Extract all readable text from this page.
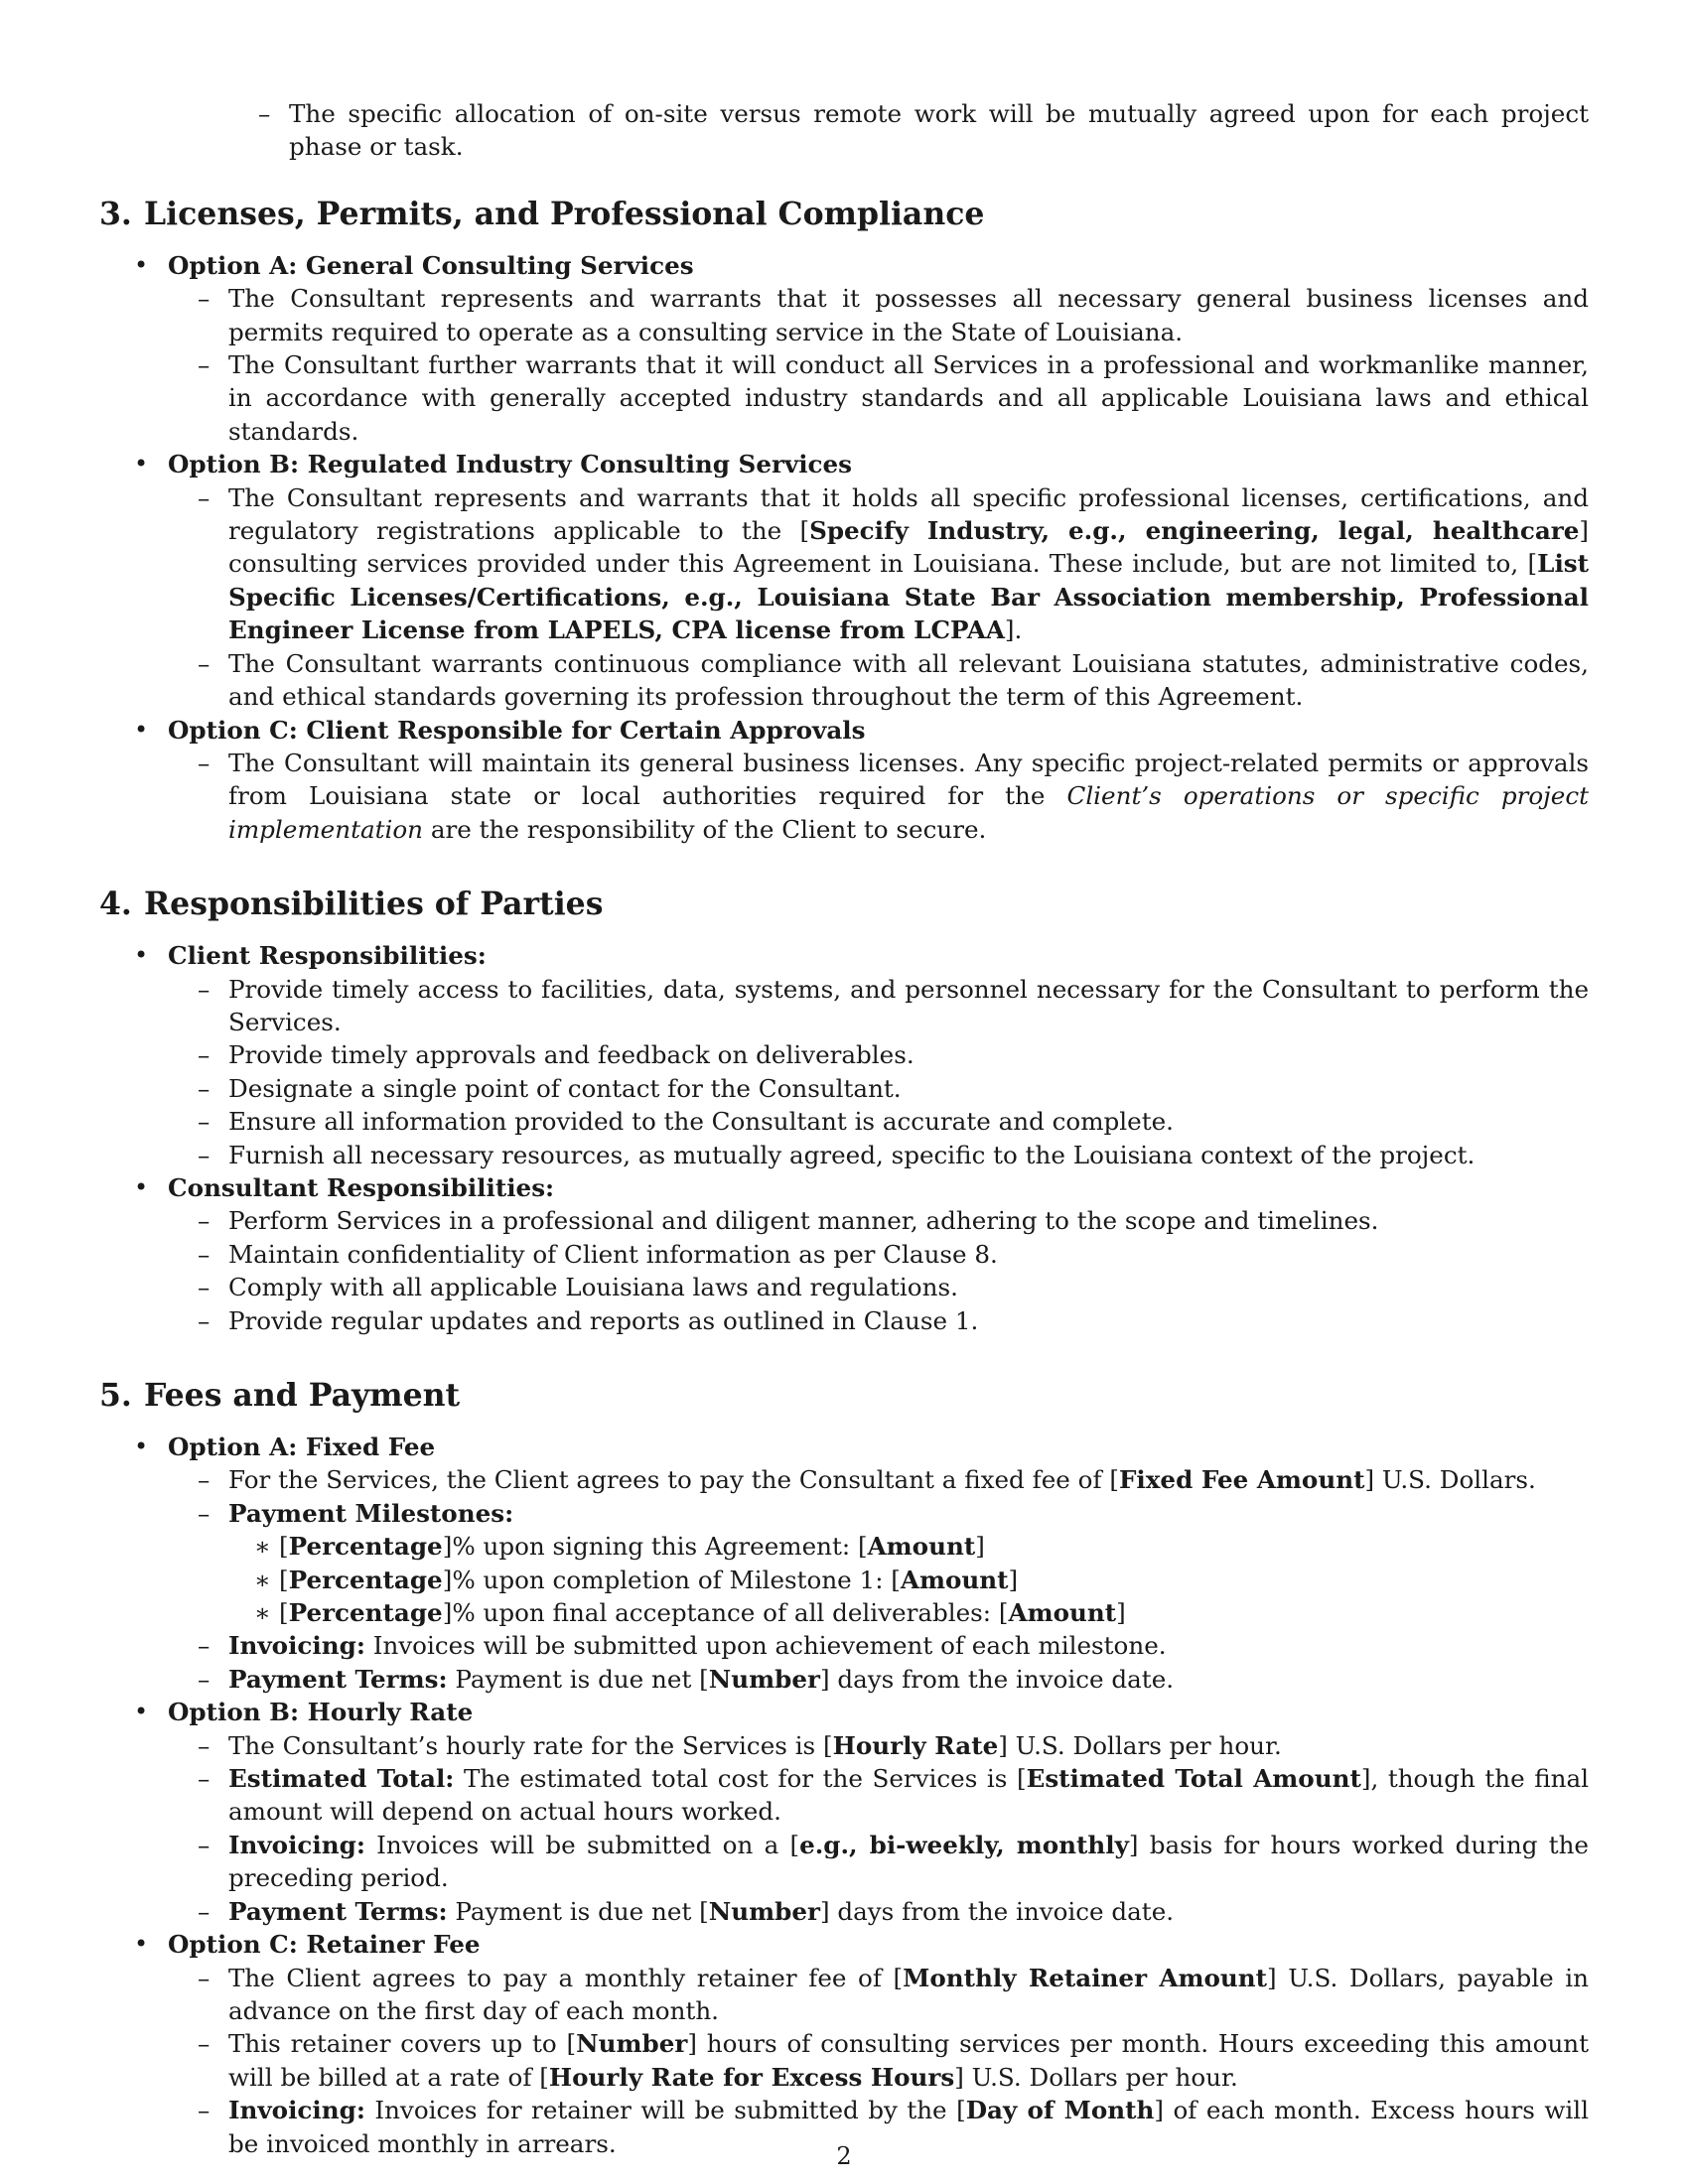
– The specific allocation of on-site versus remote work will be mutually agreed upon for each project phase or task.
3. Licenses, Permits, and Professional Compliance
• Option A: General Consulting Services
– The Consultant represents and warrants that it possesses all necessary general business licenses and permits required to operate as a consulting service in the State of Louisiana.
– The Consultant further warrants that it will conduct all Services in a professional and workmanlike manner, in accordance with generally accepted industry standards and all applicable Louisiana laws and ethical standards.
• Option B: Regulated Industry Consulting Services
– The Consultant represents and warrants that it holds all specific professional licenses, certifications, and regulatory registrations applicable to the [Specify Industry, e.g., engineering, legal, healthcare] consulting services provided under this Agreement in Louisiana. These include, but are not limited to, [List Specific Licenses/Certifications, e.g., Louisiana State Bar Association membership, Professional Engineer License from LAPELS, CPA license from LCPAA].
– The Consultant warrants continuous compliance with all relevant Louisiana statutes, administrative codes, and ethical standards governing its profession throughout the term of this Agreement.
• Option C: Client Responsible for Certain Approvals
– The Consultant will maintain its general business licenses. Any specific project-related permits or approvals from Louisiana state or local authorities required for the Client’s operations or specific project implementation are the responsibility of the Client to secure.
4. Responsibilities of Parties
• Client Responsibilities:
– Provide timely access to facilities, data, systems, and personnel necessary for the Consultant to perform the Services.
– Provide timely approvals and feedback on deliverables.
– Designate a single point of contact for the Consultant.
– Ensure all information provided to the Consultant is accurate and complete.
– Furnish all necessary resources, as mutually agreed, specific to the Louisiana context of the project.
• Consultant Responsibilities:
– Perform Services in a professional and diligent manner, adhering to the scope and timelines.
– Maintain confidentiality of Client information as per Clause 8.
– Comply with all applicable Louisiana laws and regulations.
– Provide regular updates and reports as outlined in Clause 1.
5. Fees and Payment
• Option A: Fixed Fee
– For the Services, the Client agrees to pay the Consultant a fixed fee of [Fixed Fee Amount] U.S. Dollars.
– Payment Milestones:
∗ [Percentage]% upon signing this Agreement: [Amount]
∗ [Percentage]% upon completion of Milestone 1: [Amount]
∗ [Percentage]% upon final acceptance of all deliverables: [Amount]
– Invoicing: Invoices will be submitted upon achievement of each milestone.
– Payment Terms: Payment is due net [Number] days from the invoice date.
• Option B: Hourly Rate
– The Consultant’s hourly rate for the Services is [Hourly Rate] U.S. Dollars per hour.
– Estimated Total: The estimated total cost for the Services is [Estimated Total Amount], though the final amount will depend on actual hours worked.
– Invoicing: Invoices will be submitted on a [e.g., bi-weekly, monthly] basis for hours worked during the preceding period.
– Payment Terms: Payment is due net [Number] days from the invoice date.
• Option C: Retainer Fee
– The Client agrees to pay a monthly retainer fee of [Monthly Retainer Amount] U.S. Dollars, payable in advance on the first day of each month.
– This retainer covers up to [Number] hours of consulting services per month. Hours exceeding this amount will be billed at a rate of [Hourly Rate for Excess Hours] U.S. Dollars per hour.
– Invoicing: Invoices for retainer will be submitted by the [Day of Month] of each month. Excess hours will be invoiced monthly in arrears.	2
